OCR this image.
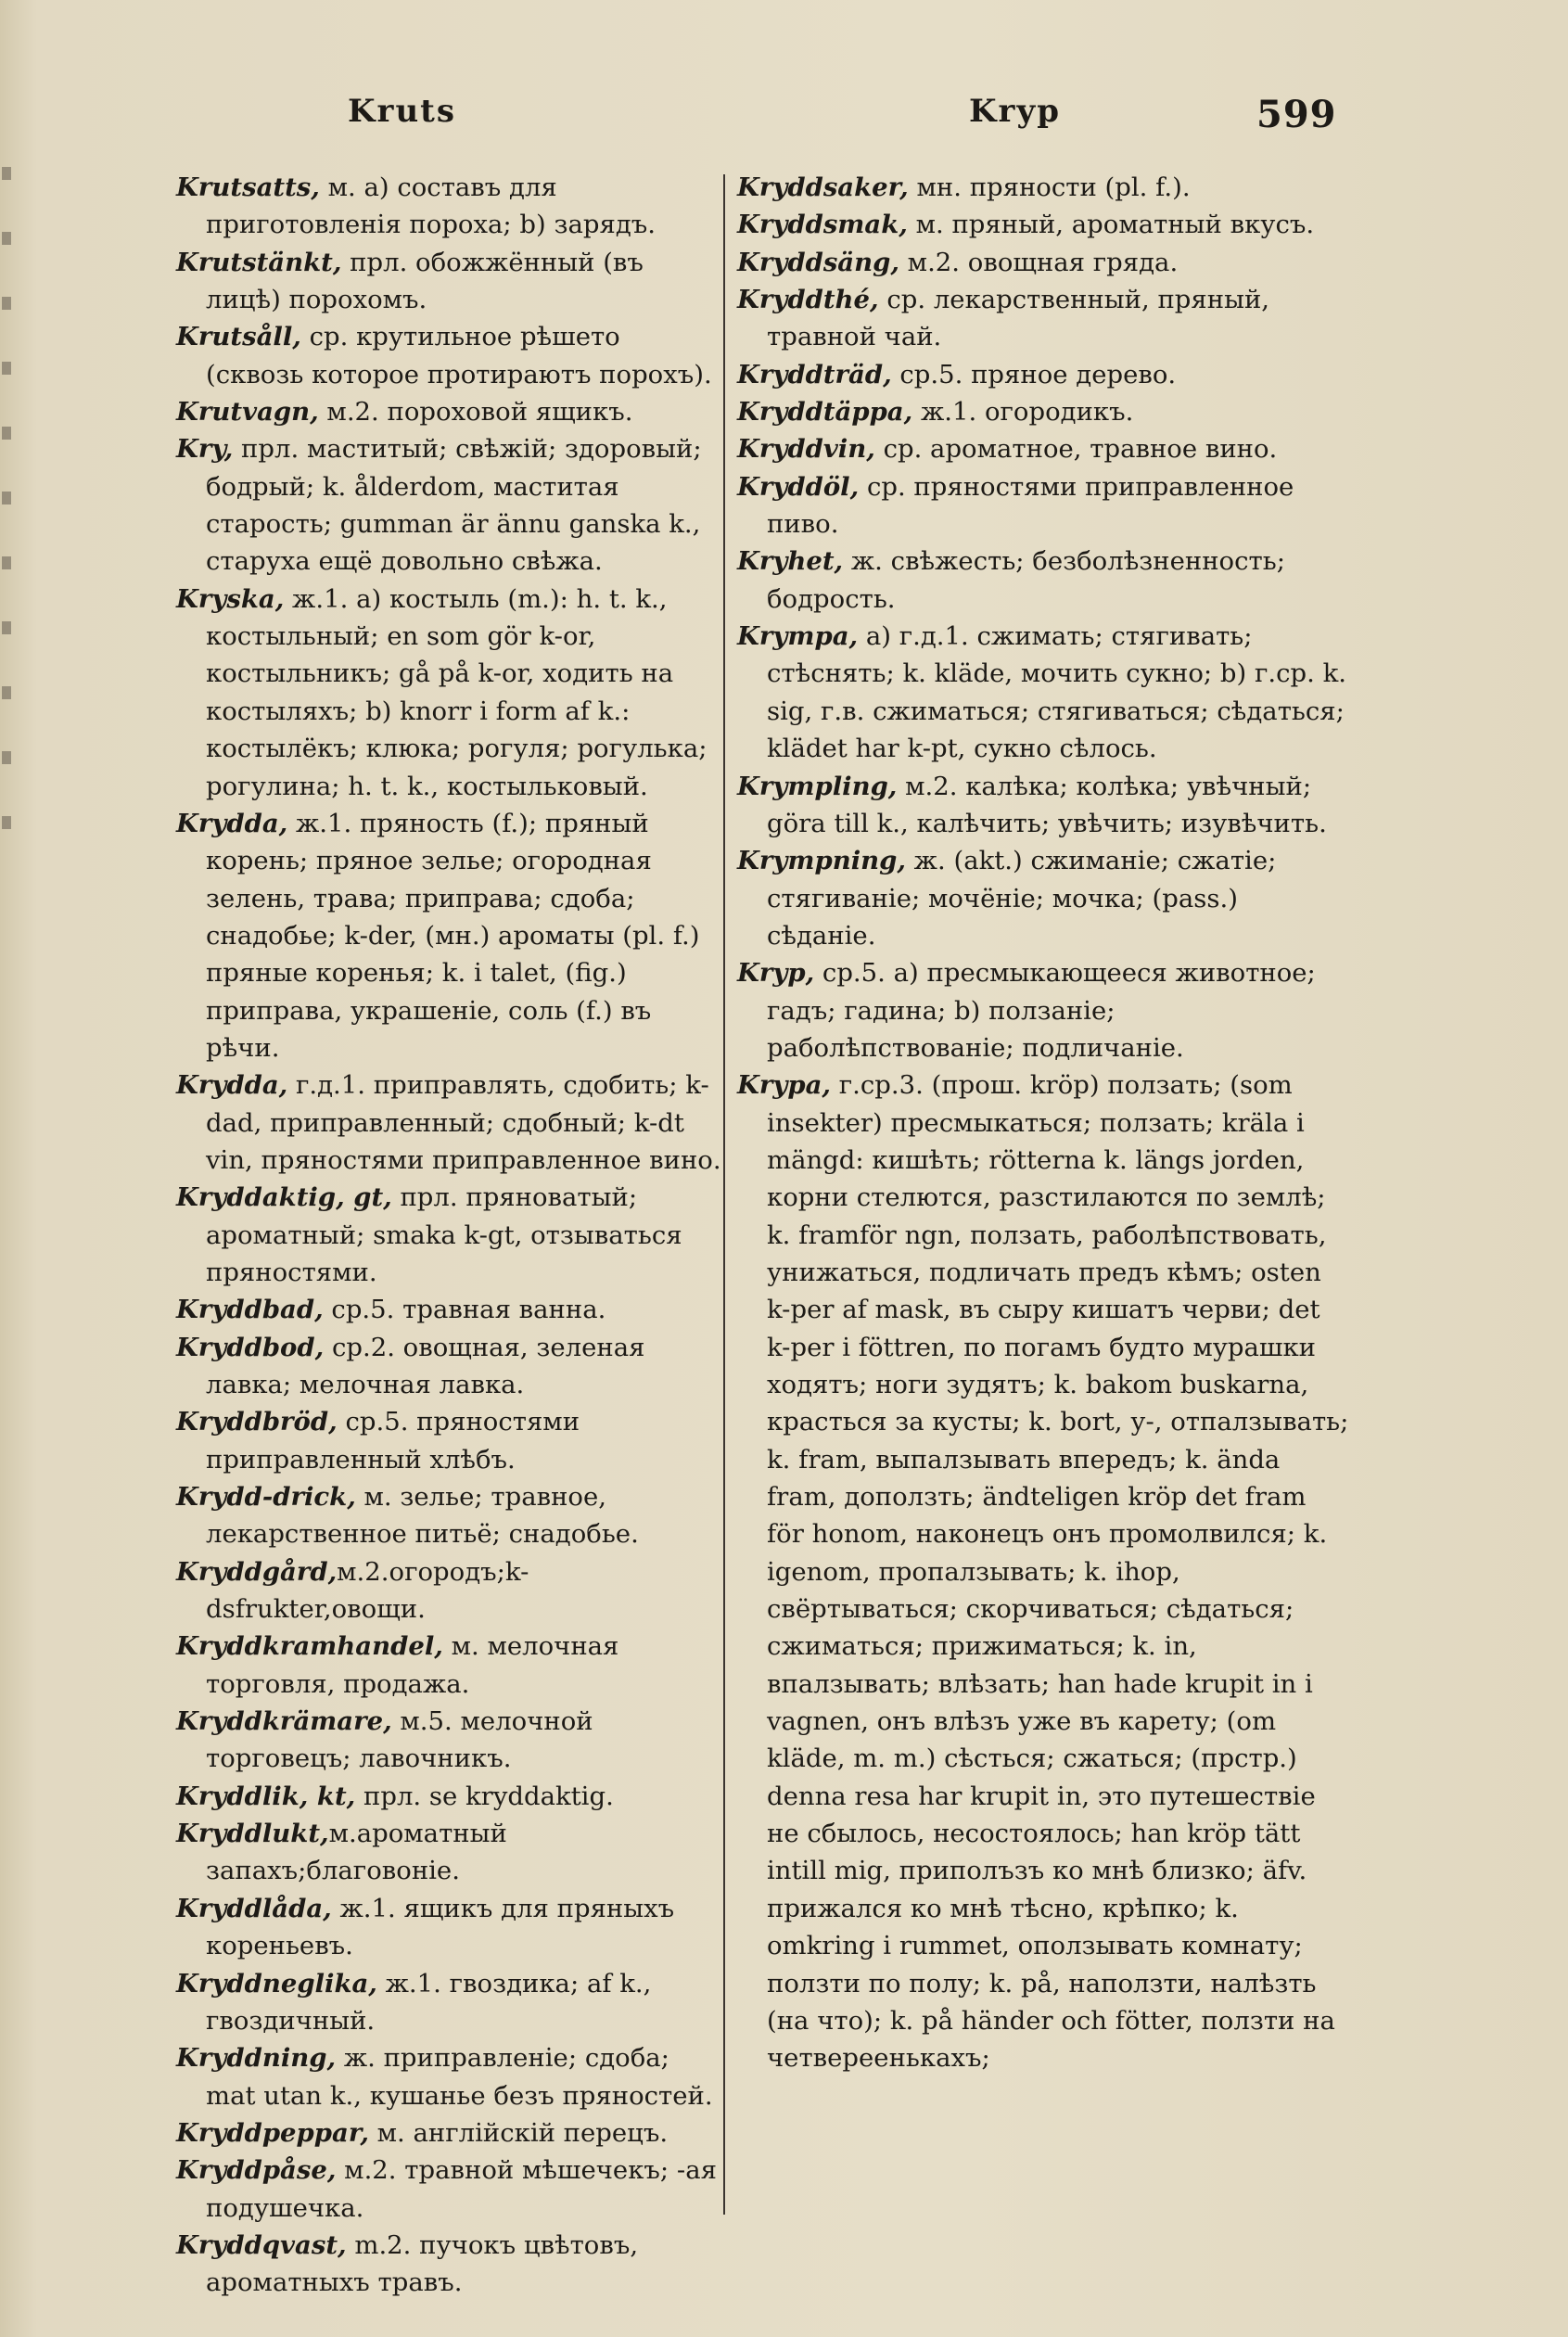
Kruts	Kryp	599

Krutsatts, м. a) составъ для приготовленія пороха; b) зарядъ.

Krutstänkt, прл. обожжённый (въ лицѣ) порохомъ.

Krutsåll, ср. крутильное рѣшето (сквозь которое протираютъ порохъ).

Krutvagn, м.2. пороховой ящикъ.

Kry, прл. маститый; свѣжій; здоровый; бодрый; k. ålderdom, маститая старость; gumman är ännu ganska k., старуха ещё довольно свѣжа.

Kryska, ж.1. a) костыль (m.): h. t. k., костыльный; en som gör k-or, костыльникъ; gå på k-or, ходить на костыляхъ; b) knorr i form af k.: костылёкъ; клюка; рогуля; рогулька; рогулина; h. t. k., костыльковый.

Krydda, ж.1. пряность (f.); пряный корень; пряное зелье; огородная зелень, трава; приправа; сдоба; снадобье; k-der, (мн.) ароматы (pl. f.) пряные коренья; k. i talet, (fig.) приправа, украшеніе, соль (f.) въ рѣчи.

Krydda, г.д.1. приправлять, сдобить; k-dad, приправленный; сдобный; k-dt vin, пряностями приправленное вино.

Kryddaktig, gt, прл. пряноватый; ароматный; smaka k-gt, отзываться пряностями.

Kryddbad, ср.5. травная ванна.

Kryddbod, ср.2. овощная, зеленая лавка; мелочная лавка.

Kryddbröd, ср.5. пряностями приправленный хлѣбъ.

Krydd-drick, м. зелье; травное, лекарственное питьё; снадобье.

Kryddgård,м.2.огородъ;k-dsfrukter,овощи.

Kryddkramhandel, м. мелочная торговля, продажа.

Kryddkrämare, м.5. мелочной торговецъ; лавочникъ.

Kryddlik, kt, прл. se kryddaktig.

Kryddlukt,м.ароматный запахъ;благовоніе.

Kryddlåda, ж.1. ящикъ для пряныхъ кореньевъ.

Kryddneglika, ж.1. гвоздика; af k., гвоздичный.

Kryddning, ж. приправленіе; сдоба; mat utan k., кушанье безъ пряностей.

Kryddpeppar, м. англійскій перецъ.

Kryddpåse, м.2. травной мѣшечекъ; -ая подушечка.

Kryddqvast, m.2. пучокъ цвѣтовъ, ароматныхъ травъ.

Kryddsaker, мн. пряности (pl. f.).

Kryddsmak, м. пряный, ароматный вкусъ.

Kryddsäng, м.2. овощная гряда.

Kryddthé, ср. лекарственный, пряный, травной чай.

Kryddträd, ср.5. пряное дерево.

Kryddtäppa, ж.1. огородикъ.

Kryddvin, ср. ароматное, травное вино.

Kryddöl, ср. пряностями приправленное пиво.

Kryhet, ж. свѣжесть; безболѣзненность; бодрость.

Krympa, a) г.д.1. сжимать; стягивать; стѣснять; k. kläde, мочить сукно; b) г.ср. k. sig, г.в. сжиматься; стягиваться; сѣдаться; klädet har k-pt, сукно сѣлось.

Krympling, м.2. калѣка; колѣка; увѣчный; göra till k., калѣчить; увѣчить; изувѣчить.

Krympning, ж. (akt.) сжиманіе; сжатіе; стягиваніе; мочёніе; мочка; (pass.) сѣданіе.

Kryp, ср.5. a) пресмыкающееся животное; гадъ; гадина; b) ползаніе; раболѣпствованіе; подличаніе.

Krypa, г.ср.3. (прош. kröp) ползать; (som insekter) пресмыкаться; ползать; kräla i mängd: кишѣть; rötterna k. längs jorden, корни стелются, разстилаются по землѣ; k. framför ngn, ползать, раболѣпствовать, унижаться, подличать предъ кѣмъ; osten k-per af mask, въ сыру кишатъ черви; det k-per i föttren, по погамъ будто мурашки ходятъ; ноги зудятъ; k. bakom buskarna, красться за кусты; k. bort, у-, отпалзывать; k. fram, выпалзывать впередъ; k. ända fram, доползть; ändteligen kröp det fram för honom, наконецъ онъ промолвился; k. igenom, пропалзывать; k. ihop, свёртываться; скорчиваться; сѣдаться; сжиматься; прижиматься; k. in, впалзывать; влѣзать; han hade krupit in i vagnen, онъ влѣзъ уже въ карету; (om kläde, m. m.) сѣсться; сжаться; (прстр.) denna resa har krupit in, это путешествіе не сбылось, несостоялось; han kröp tätt intill mig, приполъзъ ко мнѣ близко; äfv. прижался ко мнѣ тѣсно, крѣпко; k. omkring i rummet, оползывать комнату; ползти по полу; k. på, наползти, налѣзть (на что); k. på händer och fötter, ползти на четвереенькахъ;
